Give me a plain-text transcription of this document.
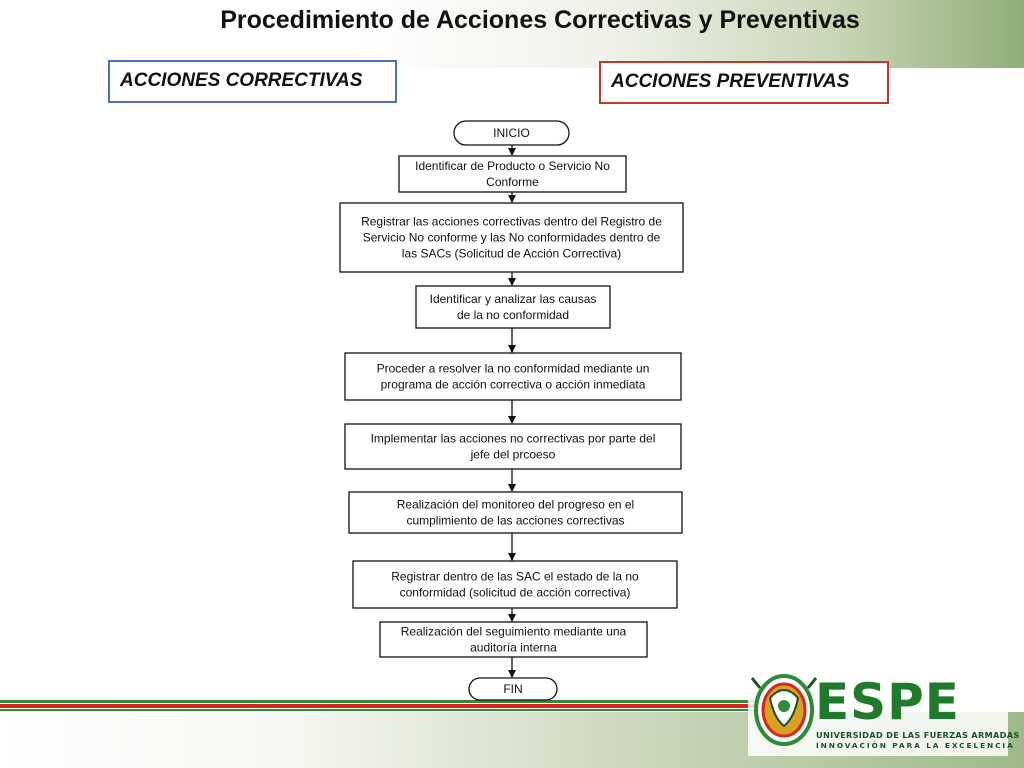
Procedimiento de Acciones Correctivas y Preventivas
ACCIONES CORRECTIVAS	ACCIONES PREVENTIVAS
INICIO
Identificar de Producto o Servicio No
Conforme
Registrar las acciones correctivas dentro del Registro de
Servicio No conforme y las No conformidades dentro de
las SACs (Solicitud de Acción Correctiva)
Identificar y analizar las causas
de la no conformidad
Proceder a resolver la no conformidad mediante un
programa de acción correctiva o acción inmediata
Implementar las acciones no correctivas por parte del
jefe del prcoeso
Realización del monitoreo del progreso en el
cumplimiento de las acciones correctivas
Registrar dentro de las SAC el estado de la no
conformidad (solicitud de acción correctiva)
Realización del seguimiento mediante una
auditoría interna
FIN	ESPE
UNIVERSIDAD DE LAS FUERZAS ARMADAS
INNOVACIÓN PARA LA EXCELENCIA
